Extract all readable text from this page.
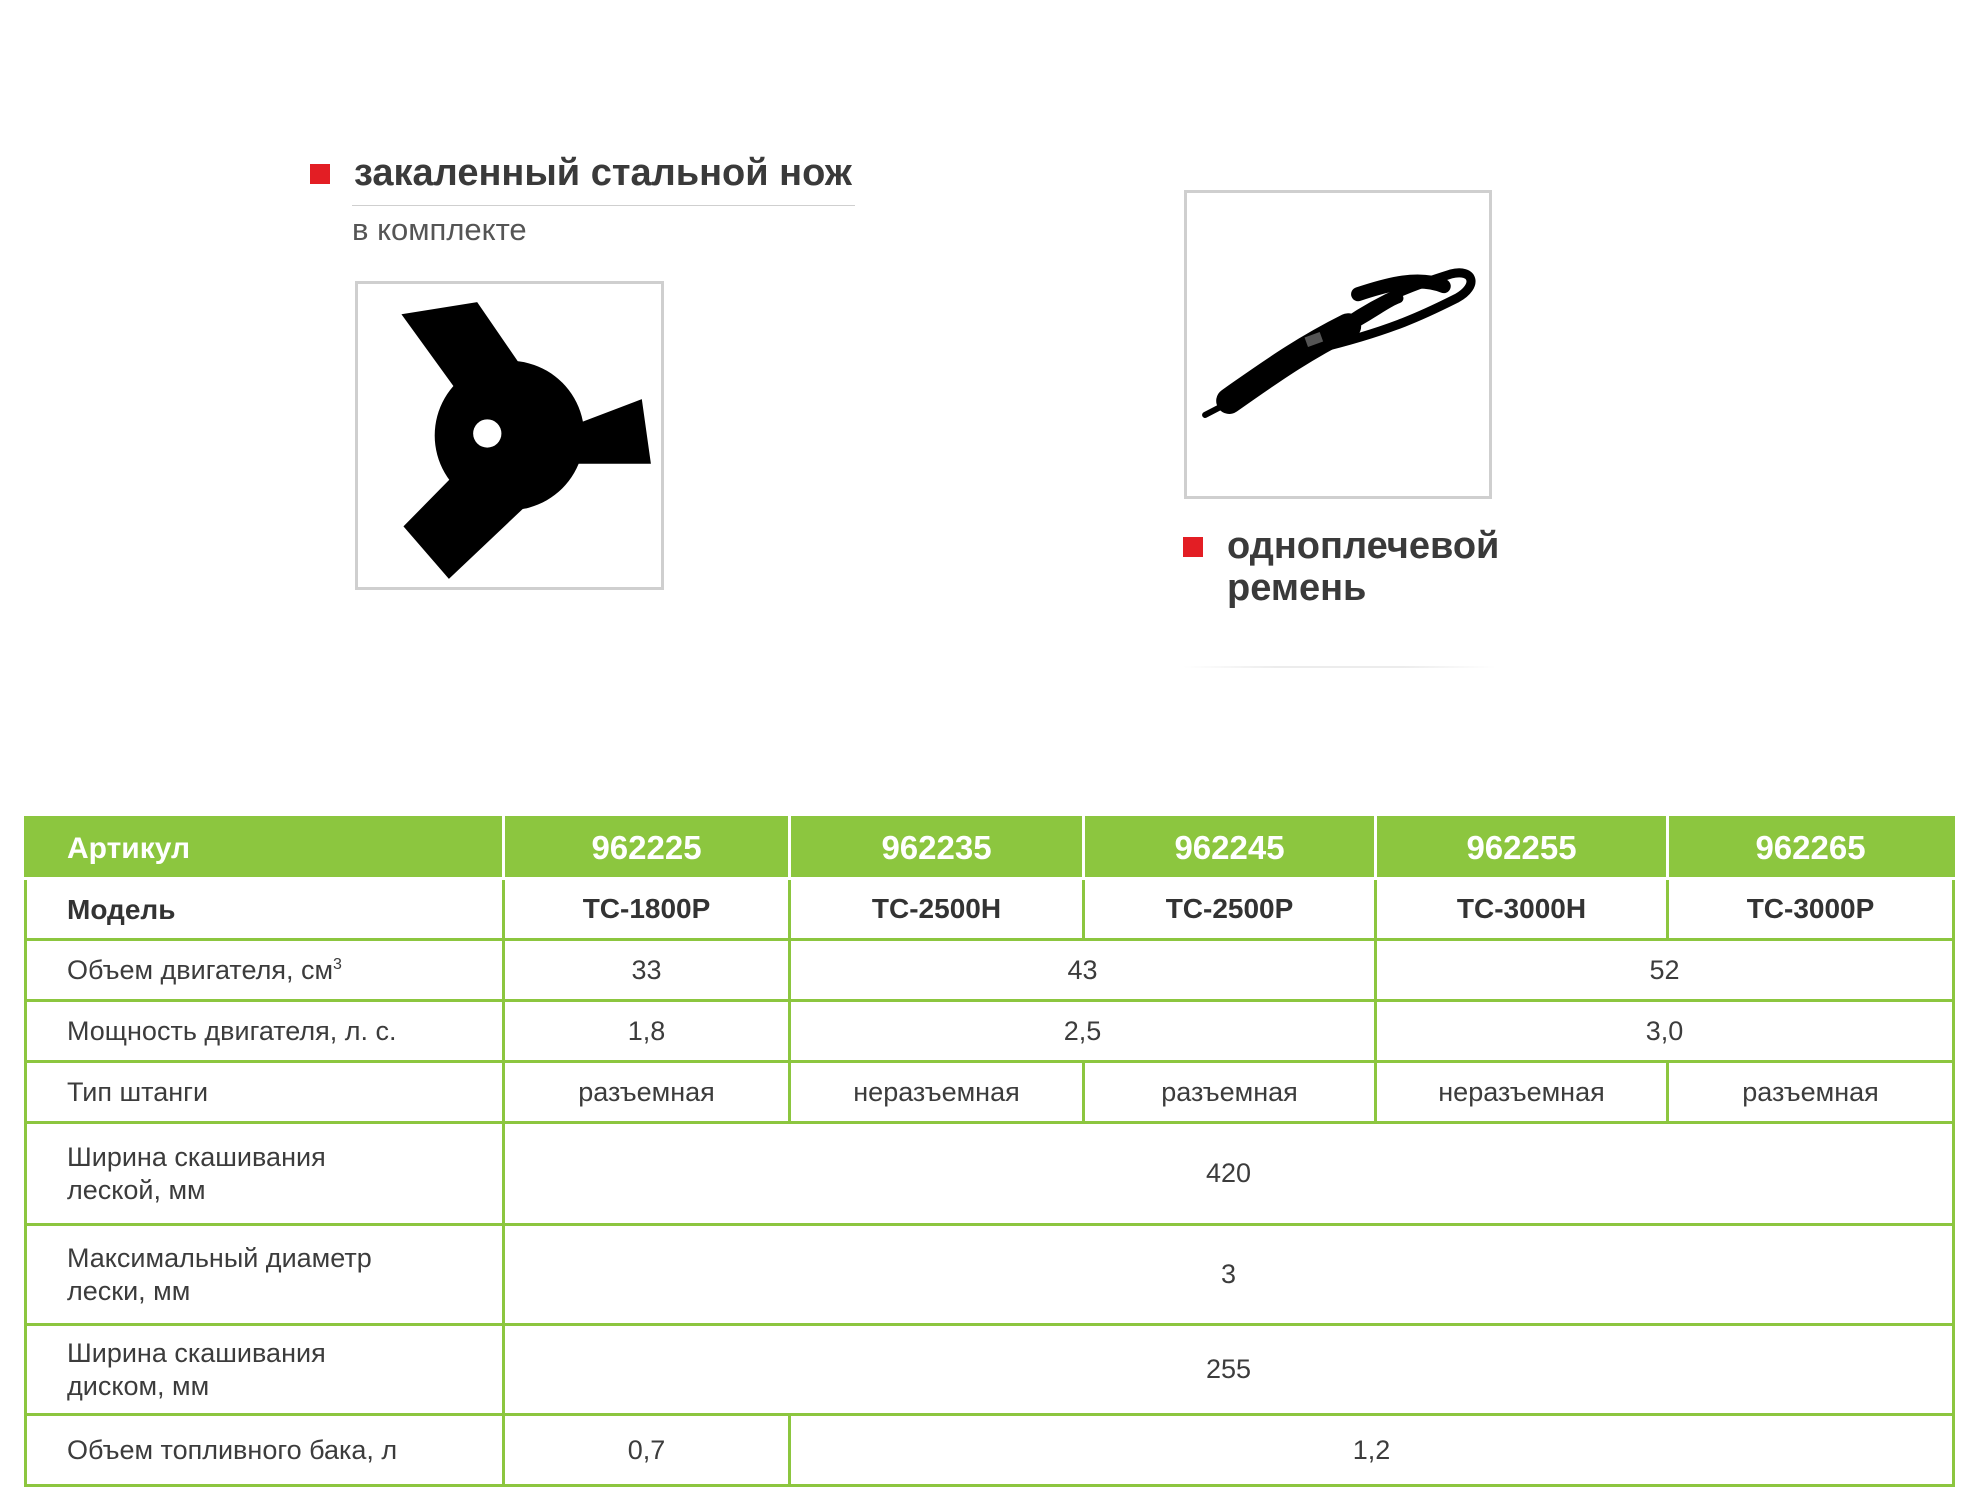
закаленный стальной нож
в комплекте
одноплечевой ремень
Артикул	962225	962235	962245	962255	962265
Модель	TC-1800P	TC-2500H	TC-2500P	TC-3000H	TC-3000P
Объем двигателя, $см^3$	33	43		52	
Мощность двигателя, л. с.	1,8	2,5		3,0	
Тип штанги	разъемная	неразъемная	разъемная	неразъемная	разъемная

Ширина скашивания
леской, мм	420				

Максимальный диаметр
лески, мм	3				

Ширина скашивания
диском, мм	255				
Объем топливного бака, л	0,7	1,2			
